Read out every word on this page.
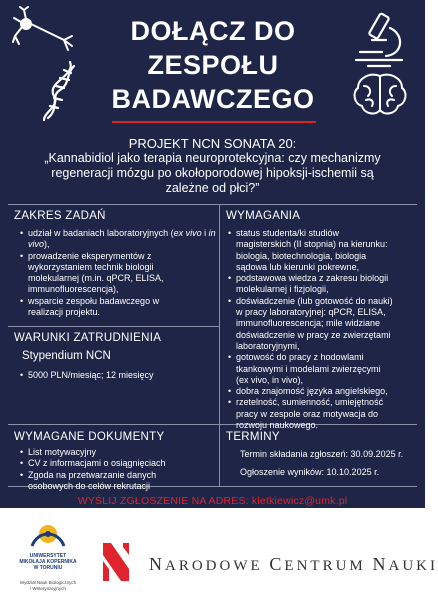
DOŁĄCZ DO
ZESPOŁU
BADAWCZEGO
PROJEKT NCN SONATA 20:
„Kannabidiol jako terapia neuroprotekcyjna: czy mechanizmy
regeneracji mózgu po okołoporodowej hipoksji-ischemii są
zależne od płci?”
ZAKRES ZADAŃ
• udział w badaniach laboratoryjnych (ex vivo i in vivo),
• prowadzenie eksperymentów z
wykorzystaniem technik biologii
molekularnej (m.in. qPCR, ELISA,
immunofluorescencja),
• wsparcie zespołu badawczego w
realizacji projektu.
WARUNKI ZATRUDNIENIA
Stypendium NCN
• 5000 PLN/miesiąc; 12 miesięcy
WYMAGANIA
• status studenta/ki studiów
magisterskich (II stopnia) na kierunku:
biologia, biotechnologia, biologia
sądowa lub kierunki pokrewne,
• podstawowa wiedza z zakresu biologii
molekularnej i fizjologii,
• doświadczenie (lub gotowość do nauki)
w pracy laboratoryjnej: qPCR, ELISA,
immunofluorescencja; mile widziane
doświadczenie w pracy ze zwierzętami
laboratoryjnymi,
• gotowość do pracy z hodowlami
tkankowymi i modelami zwierzęcymi
(ex vivo, in vivo),
• dobra znajomość języka angielskiego,
• rzetelność, sumienność, umiejętność
pracy w zespole oraz motywacja do
rozwoju naukowego.
WYMAGANE DOKUMENTY
• List motywacyjny
• CV z informacjami o osiągnięciach
• Zgoda na przetwarzanie danych osobowych do celów rekrutacji
TERMINY
Termin składania zgłoszeń: 30.09.2025 r.
Ogłoszenie wyników: 10.10.2025 r.
WYŚLIJ ZGŁOSZENIE NA ADRES: kletkiewicz@umk.pl
UNIWERSYTET
MIKOŁAJA KOPERNIKA
W TORUNIU
Wydział Nauk Biologicznych
i Weterynaryjnych
NARODOWE CENTRUM NAUKI
